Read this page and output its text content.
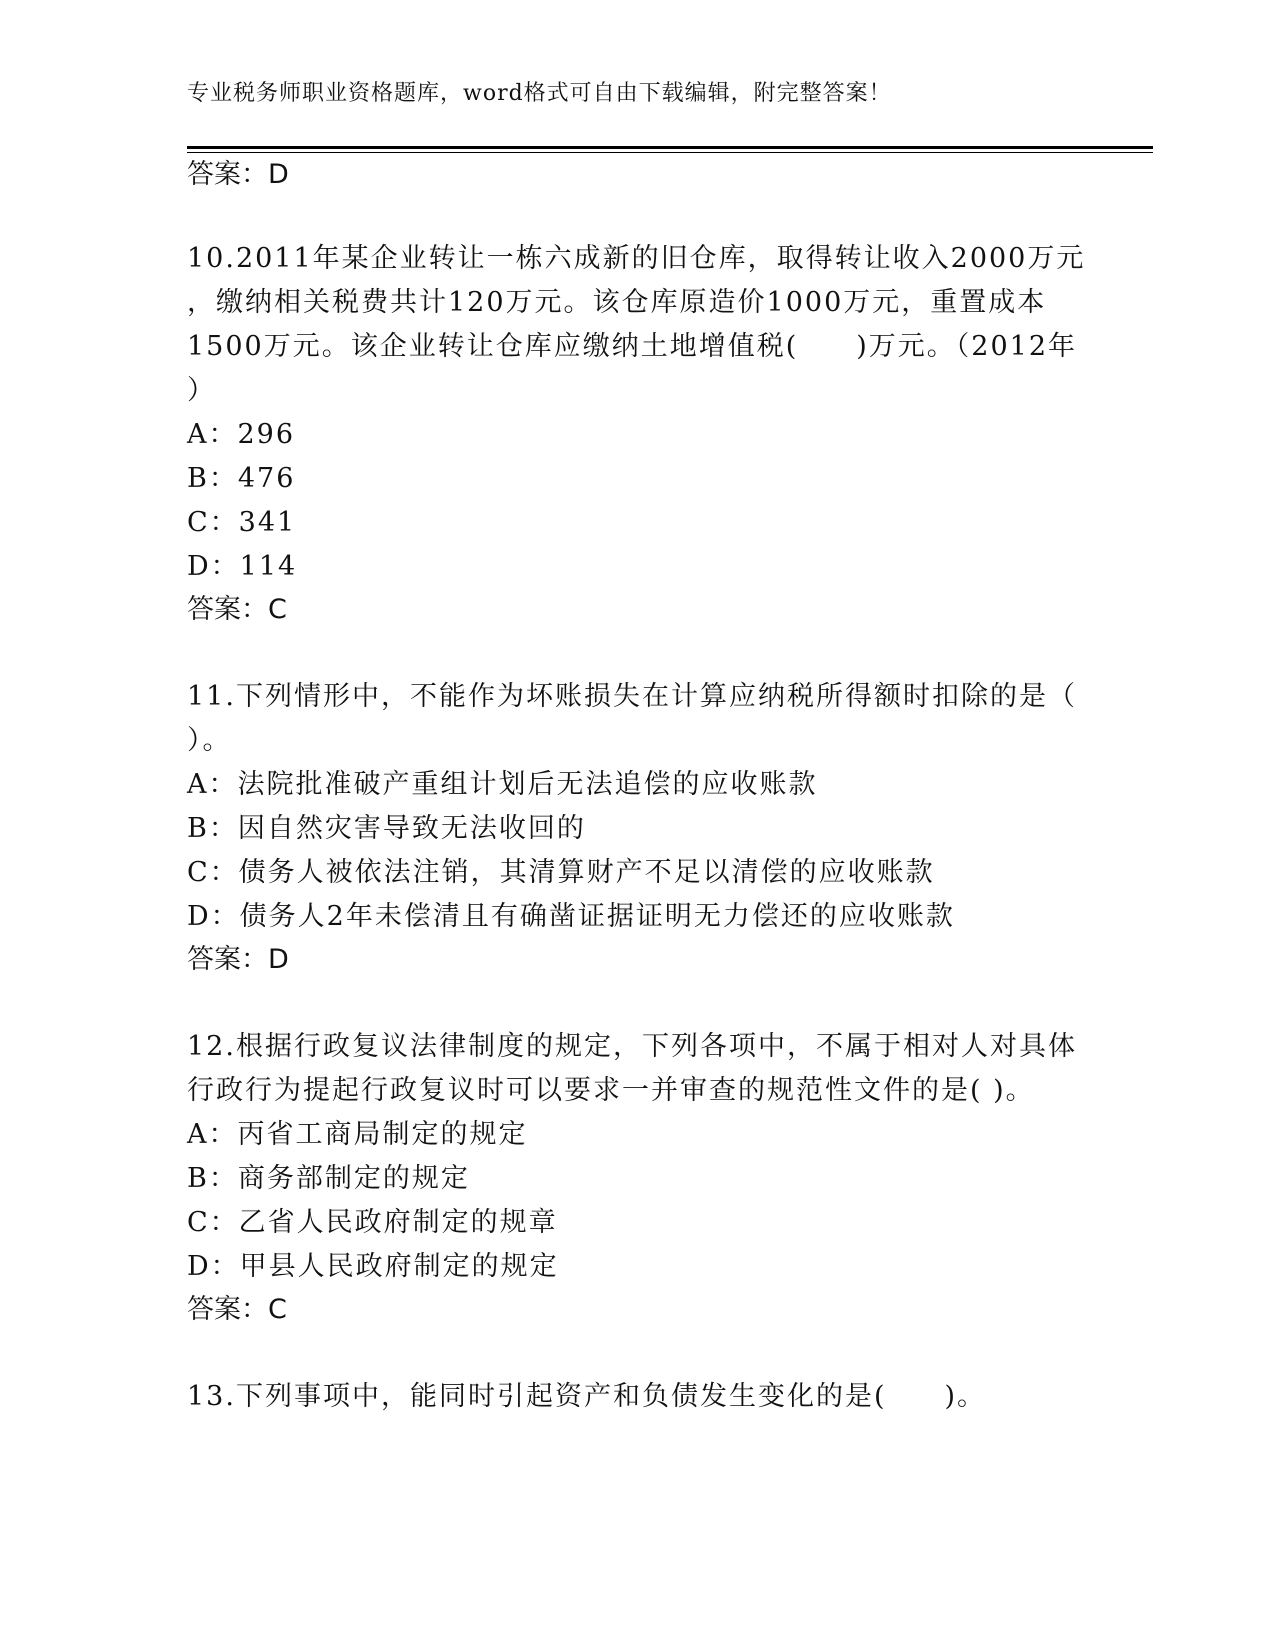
专业税务师职业资格题库，word格式可自由下载编辑，附完整答案！
答案：D
10.2011年某企业转让一栋六成新的旧仓库，取得转让收入2000万元
，缴纳相关税费共计120万元。该仓库原造价1000万元，重置成本
1500万元。该企业转让仓库应缴纳土地增值税(　　)万元。（2012年
）
A：296
B：476
C：341
D：114
答案：C
11.下列情形中，不能作为坏账损失在计算应纳税所得额时扣除的是（
）。
A：法院批准破产重组计划后无法追偿的应收账款
B：因自然灾害导致无法收回的
C：债务人被依法注销，其清算财产不足以清偿的应收账款
D：债务人2年未偿清且有确凿证据证明无力偿还的应收账款
答案：D
12.根据行政复议法律制度的规定，下列各项中，不属于相对人对具体
行政行为提起行政复议时可以要求一并审查的规范性文件的是( )。
A：丙省工商局制定的规定
B：商务部制定的规定
C：乙省人民政府制定的规章
D：甲县人民政府制定的规定
答案：C
13.下列事项中，能同时引起资产和负债发生变化的是(　　)。
